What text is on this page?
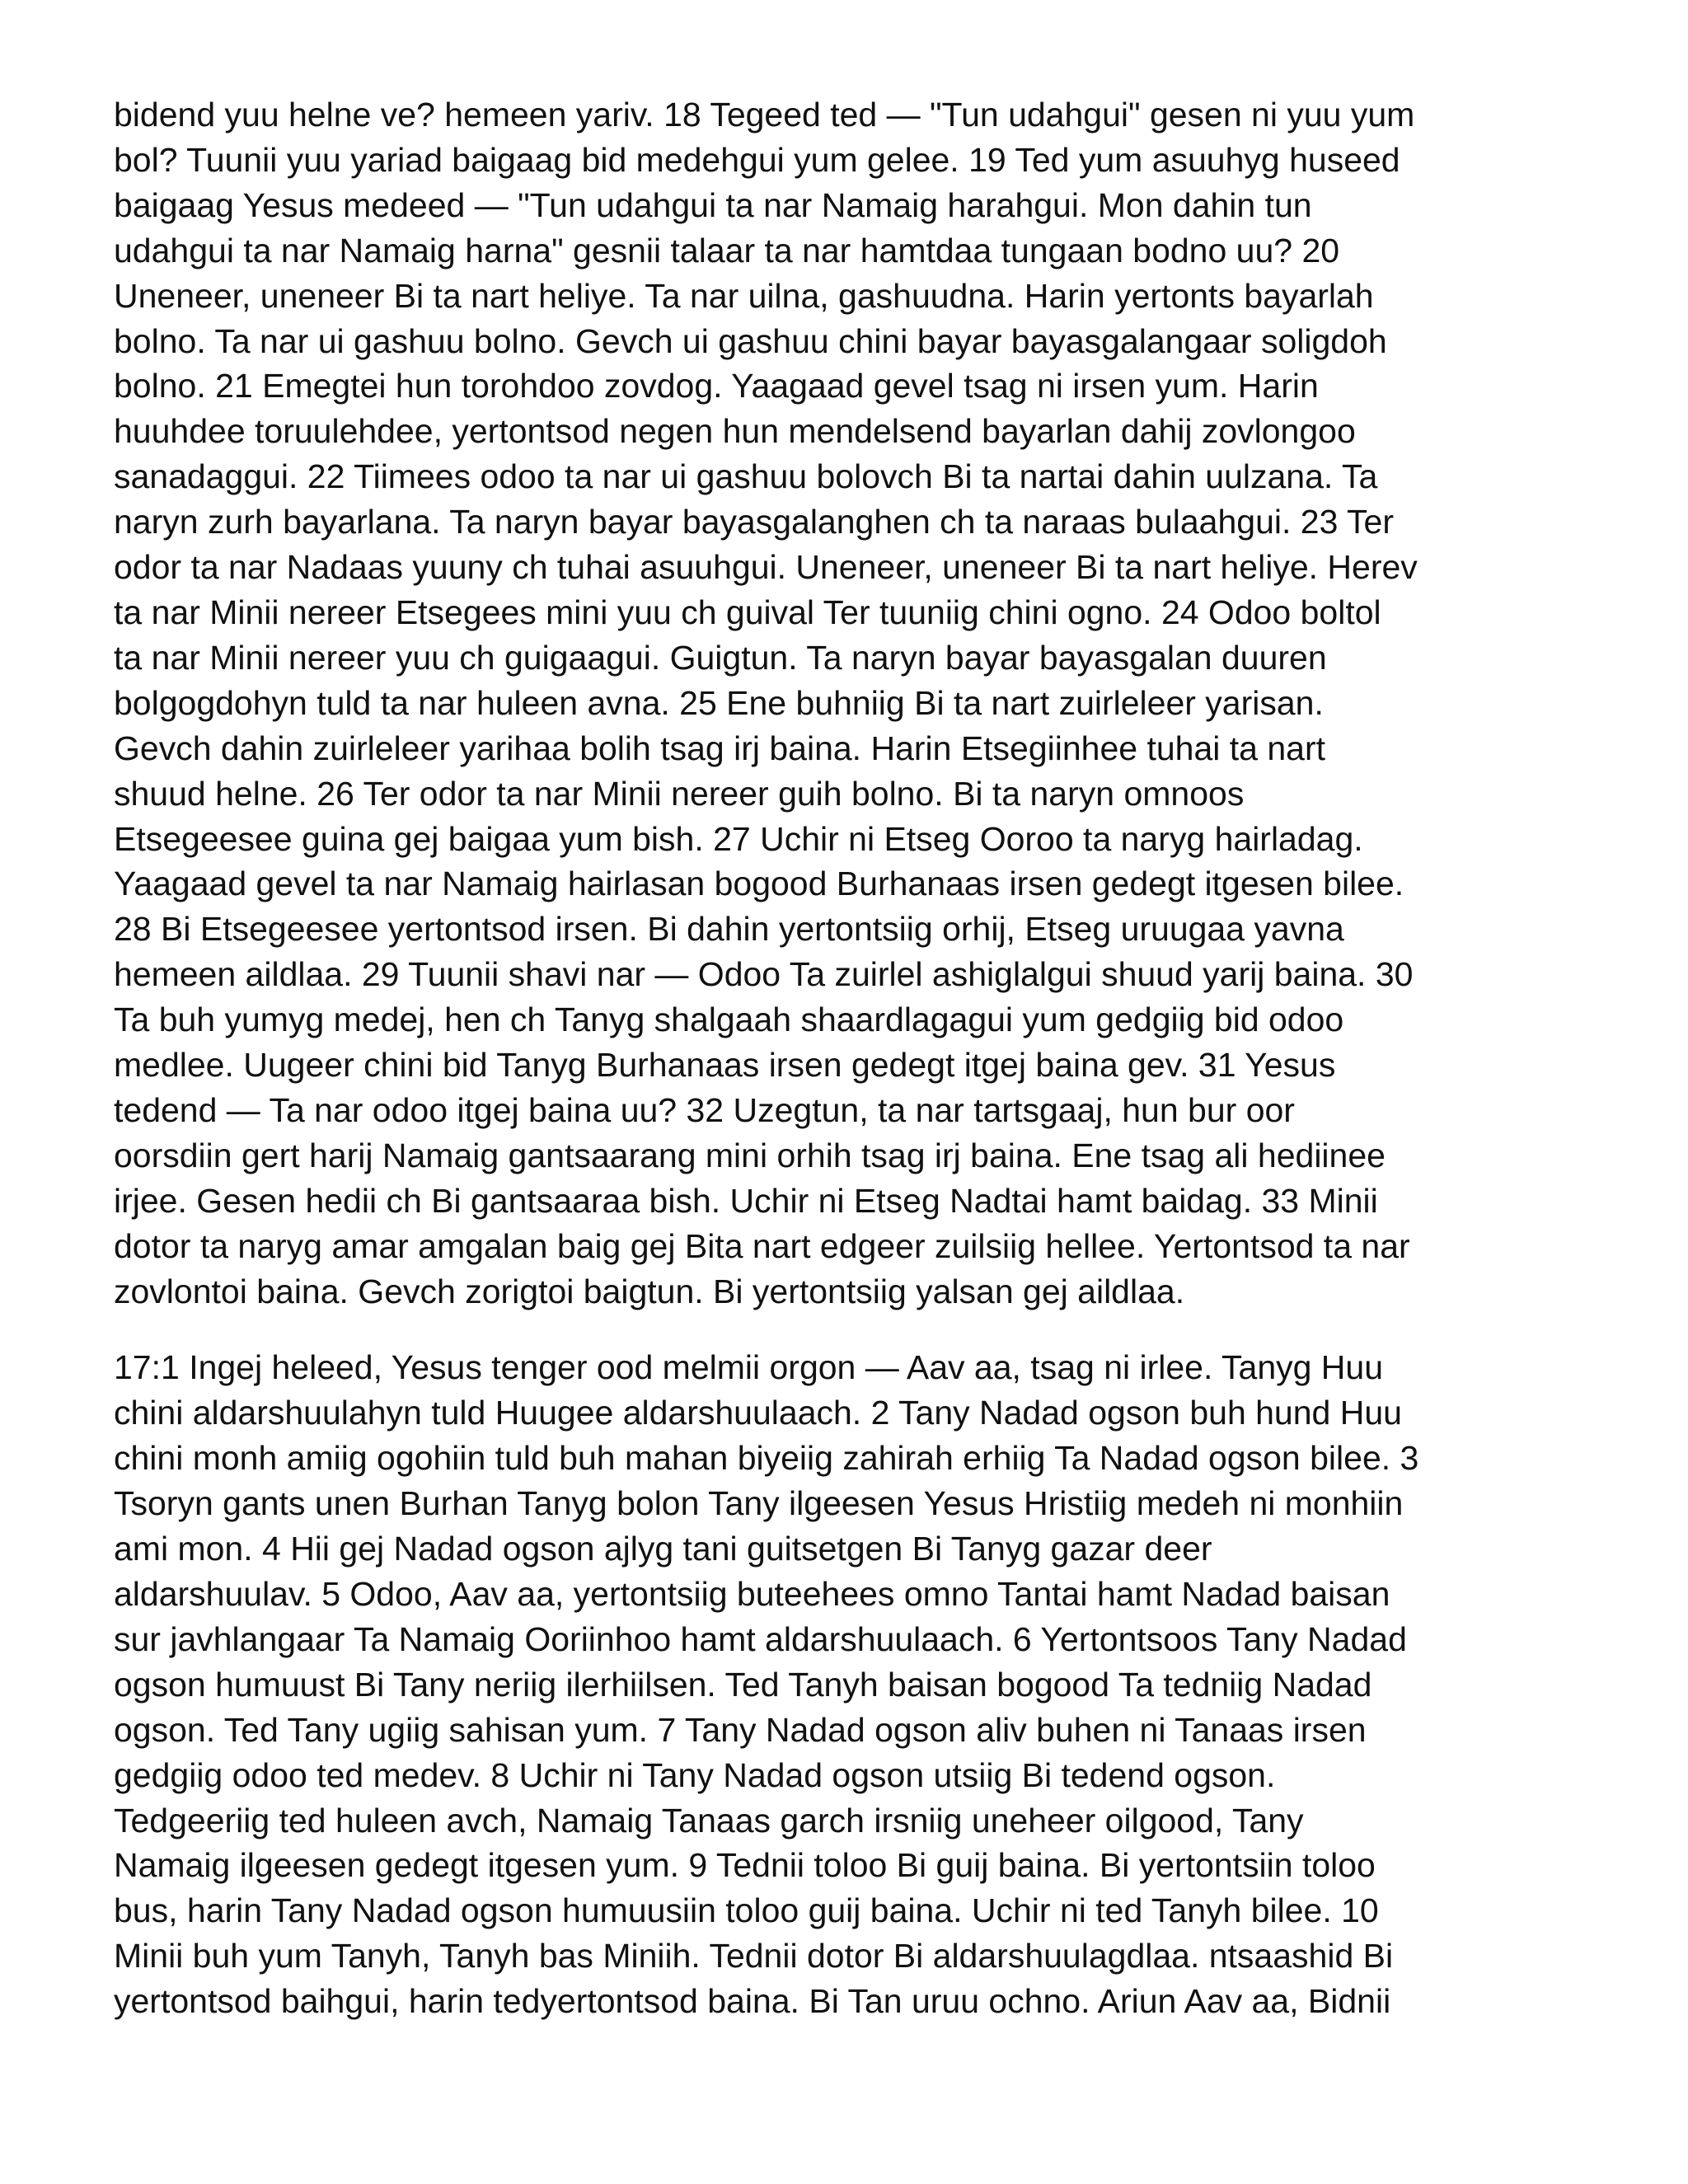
bidend yuu helne ve? hemeen yariv. 18 Tegeed ted — "Tun udahgui" gesen ni yuu yum
bol? Tuunii yuu yariad baigaag bid medehgui yum gelee. 19 Ted yum asuuhyg huseed
baigaag Yesus medeed — "Tun udahgui ta nar Namaig harahgui. Mon dahin tun
udahgui ta nar Namaig harna" gesnii talaar ta nar hamtdaa tungaan bodno uu? 20
Uneneer, uneneer Bi ta nart heliye. Ta nar uilna, gashuudna. Harin yertonts bayarlah
bolno. Ta nar ui gashuu bolno. Gevch ui gashuu chini bayar bayasgalangaar soligdoh
bolno. 21 Emegtei hun torohdoo zovdog. Yaagaad gevel tsag ni irsen yum. Harin
huuhdee toruulehdee, yertontsod negen hun mendelsend bayarlan dahij zovlongoo
sanadaggui. 22 Tiimees odoo ta nar ui gashuu bolovch Bi ta nartai dahin uulzana. Ta
naryn zurh bayarlana. Ta naryn bayar bayasgalanghen ch ta naraas bulaahgui. 23 Ter
odor ta nar Nadaas yuuny ch tuhai asuuhgui. Uneneer, uneneer Bi ta nart heliye. Herev
ta nar Minii nereer Etsegees mini yuu ch guival Ter tuuniig chini ogno. 24 Odoo boltol
ta nar Minii nereer yuu ch guigaagui. Guigtun. Ta naryn bayar bayasgalan duuren
bolgogdohyn tuld ta nar huleen avna. 25 Ene buhniig Bi ta nart zuirleleer yarisan.
Gevch dahin zuirleleer yarihaa bolih tsag irj baina. Harin Etsegiinhee tuhai ta nart
shuud helne. 26 Ter odor ta nar Minii nereer guih bolno. Bi ta naryn omnoos
Etsegeesee guina gej baigaa yum bish. 27 Uchir ni Etseg Ooroo ta naryg hairladag.
Yaagaad gevel ta nar Namaig hairlasan bogood Burhanaas irsen gedegt itgesen bilee.
28 Bi Etsegeesee yertontsod irsen. Bi dahin yertontsiig orhij, Etseg uruugaa yavna
hemeen aildlaa. 29 Tuunii shavi nar — Odoo Ta zuirlel ashiglalgui shuud yarij baina. 30
Ta buh yumyg medej, hen ch Tanyg shalgaah shaardlagagui yum gedgiig bid odoo
medlee. Uugeer chini bid Tanyg Burhanaas irsen gedegt itgej baina gev. 31 Yesus
tedend — Ta nar odoo itgej baina uu? 32 Uzegtun, ta nar tartsgaaj, hun bur oor
oorsdiin gert harij Namaig gantsaarang mini orhih tsag irj baina. Ene tsag ali hediinee
irjee. Gesen hedii ch Bi gantsaaraa bish. Uchir ni Etseg Nadtai hamt baidag. 33 Minii
dotor ta naryg amar amgalan baig gej Bita nart edgeer zuilsiig hellee. Yertontsod ta nar
zovlontoi baina. Gevch zorigtoi baigtun. Bi yertontsiig yalsan gej aildlaa.

17:1 Ingej heleed, Yesus tenger ood melmii orgon — Aav aa, tsag ni irlee. Tanyg Huu
chini aldarshuulahyn tuld Huugee aldarshuulaach. 2 Tany Nadad ogson buh hund Huu
chini monh amiig ogohiin tuld buh mahan biyeiig zahirah erhiig Ta Nadad ogson bilee. 3
Tsoryn gants unen Burhan Tanyg bolon Tany ilgeesen Yesus Hristiig medeh ni monhiin
ami mon. 4 Hii gej Nadad ogson ajlyg tani guitsetgen Bi Tanyg gazar deer
aldarshuulav. 5 Odoo, Aav aa, yertontsiig buteehees omno Tantai hamt Nadad baisan
sur javhlangaar Ta Namaig Ooriinhoo hamt aldarshuulaach. 6 Yertontsoos Tany Nadad
ogson humuust Bi Tany neriig ilerhiilsen. Ted Tanyh baisan bogood Ta tedniig Nadad
ogson. Ted Tany ugiig sahisan yum. 7 Tany Nadad ogson aliv buhen ni Tanaas irsen
gedgiig odoo ted medev. 8 Uchir ni Tany Nadad ogson utsiig Bi tedend ogson.
Tedgeeriig ted huleen avch, Namaig Tanaas garch irsniig uneheer oilgood, Tany
Namaig ilgeesen gedegt itgesen yum. 9 Tednii toloo Bi guij baina. Bi yertontsiin toloo
bus, harin Tany Nadad ogson humuusiin toloo guij baina. Uchir ni ted Tanyh bilee. 10
Minii buh yum Tanyh, Tanyh bas Miniih. Tednii dotor Bi aldarshuulagdlaa. ntsaashid Bi
yertontsod baihgui, harin tedyertontsod baina. Bi Tan uruu ochno. Ariun Aav aa, Bidnii
